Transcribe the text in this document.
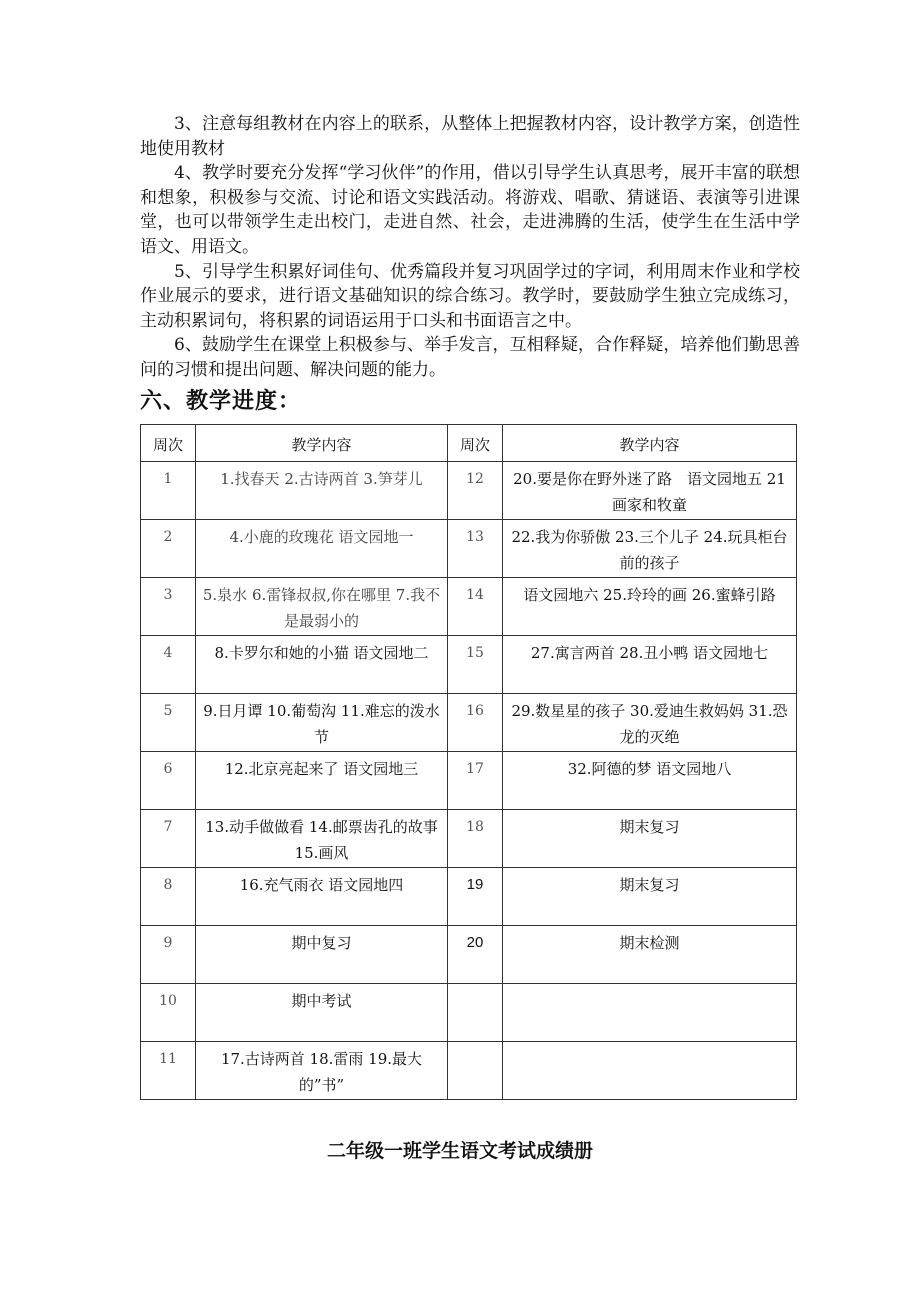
3、注意每组教材在内容上的联系，从整体上把握教材内容，设计教学方案，创造性地使用教材

4、教学时要充分发挥“学习伙伴”的作用，借以引导学生认真思考，展开丰富的联想和想象，积极参与交流、讨论和语文实践活动。将游戏、唱歌、猜谜语、表演等引进课堂，也可以带领学生走出校门，走进自然、社会，走进沸腾的生活，使学生在生活中学语文、用语文。

5、引导学生积累好词佳句、优秀篇段并复习巩固学过的字词，利用周末作业和学校作业展示的要求，进行语文基础知识的综合练习。教学时，要鼓励学生独立完成练习，主动积累词句，将积累的词语运用于口头和书面语言之中。

6、鼓励学生在课堂上积极参与、举手发言，互相释疑，合作释疑，培养他们勤思善问的习惯和提出问题、解决问题的能力。

六、教学进度：
周次	教学内容	周次	教学内容
1	1.找春天 2.古诗两首 3.笋芽儿	12	20.要是你在野外迷了路　语文园地五 21画家和牧童
2	4.小鹿的玫瑰花 语文园地一	13	22.我为你骄傲 23.三个儿子 24.玩具柜台前的孩子
3	5.泉水 6.雷锋叔叔,你在哪里 7.我不是最弱小的	14	语文园地六 25.玲玲的画 26.蜜蜂引路
4	8.卡罗尔和她的小猫 语文园地二	15	27.寓言两首 28.丑小鸭 语文园地七
5	9.日月谭 10.葡萄沟 11.难忘的泼水节	16	29.数星星的孩子 30.爱迪生救妈妈 31.恐龙的灭绝
6	12.北京亮起来了 语文园地三	17	32.阿德的梦 语文园地八
7	13.动手做做看 14.邮票齿孔的故事 15.画风	18	期末复习
8	16.充气雨衣 语文园地四	19	期末复习
9	期中复习	20	期末检测
10	期中考试		
11	17.古诗两首 18.雷雨 19.最大的”书”		
二年级一班学生语文考试成绩册
